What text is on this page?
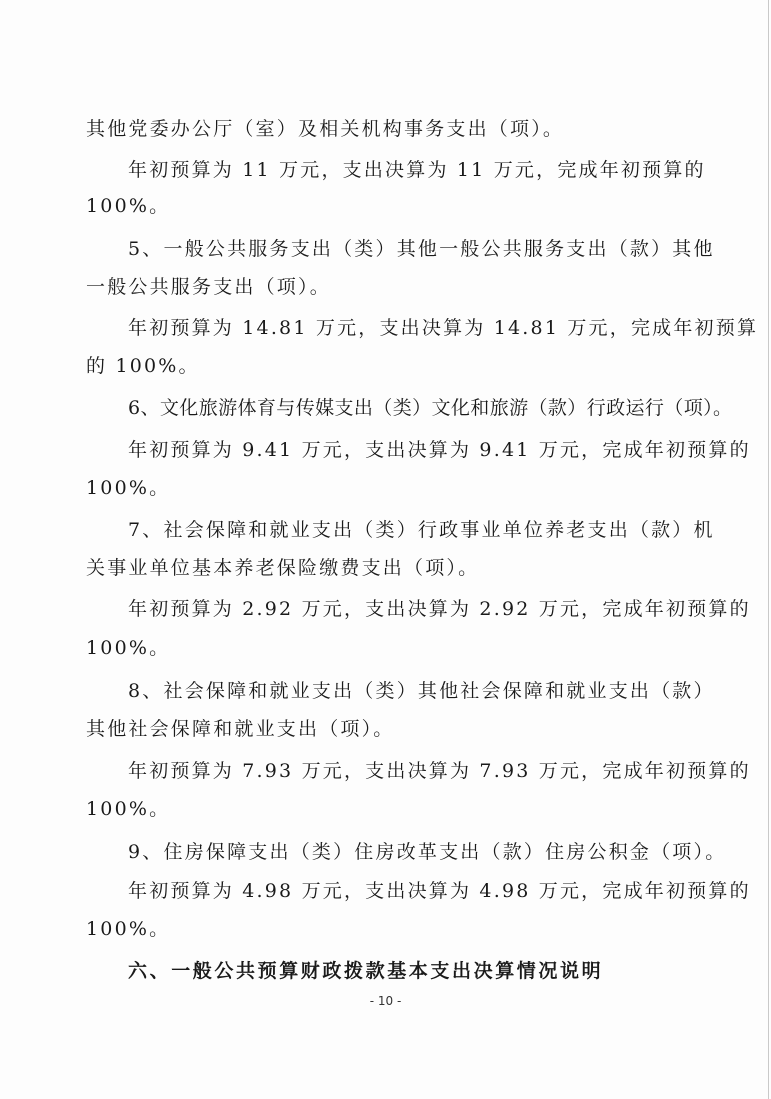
其他党委办公厅（室）及相关机构事务支出（项）。
年初预算为 11 万元，支出决算为 11 万元，完成年初预算的
100%。
5、一般公共服务支出（类）其他一般公共服务支出（款）其他
一般公共服务支出（项）。
年初预算为 14.81 万元，支出决算为 14.81 万元，完成年初预算
的 100%。
6、文化旅游体育与传媒支出（类）文化和旅游（款）行政运行（项）。
年初预算为 9.41 万元，支出决算为 9.41 万元，完成年初预算的
100%。
7、社会保障和就业支出（类）行政事业单位养老支出（款）机
关事业单位基本养老保险缴费支出（项）。
年初预算为 2.92 万元，支出决算为 2.92 万元，完成年初预算的
100%。
8、社会保障和就业支出（类）其他社会保障和就业支出（款）
其他社会保障和就业支出（项）。
年初预算为 7.93 万元，支出决算为 7.93 万元，完成年初预算的
100%。
9、住房保障支出（类）住房改革支出（款）住房公积金（项）。
年初预算为 4.98 万元，支出决算为 4.98 万元，完成年初预算的
100%。
六、一般公共预算财政拨款基本支出决算情况说明
- 10 -
